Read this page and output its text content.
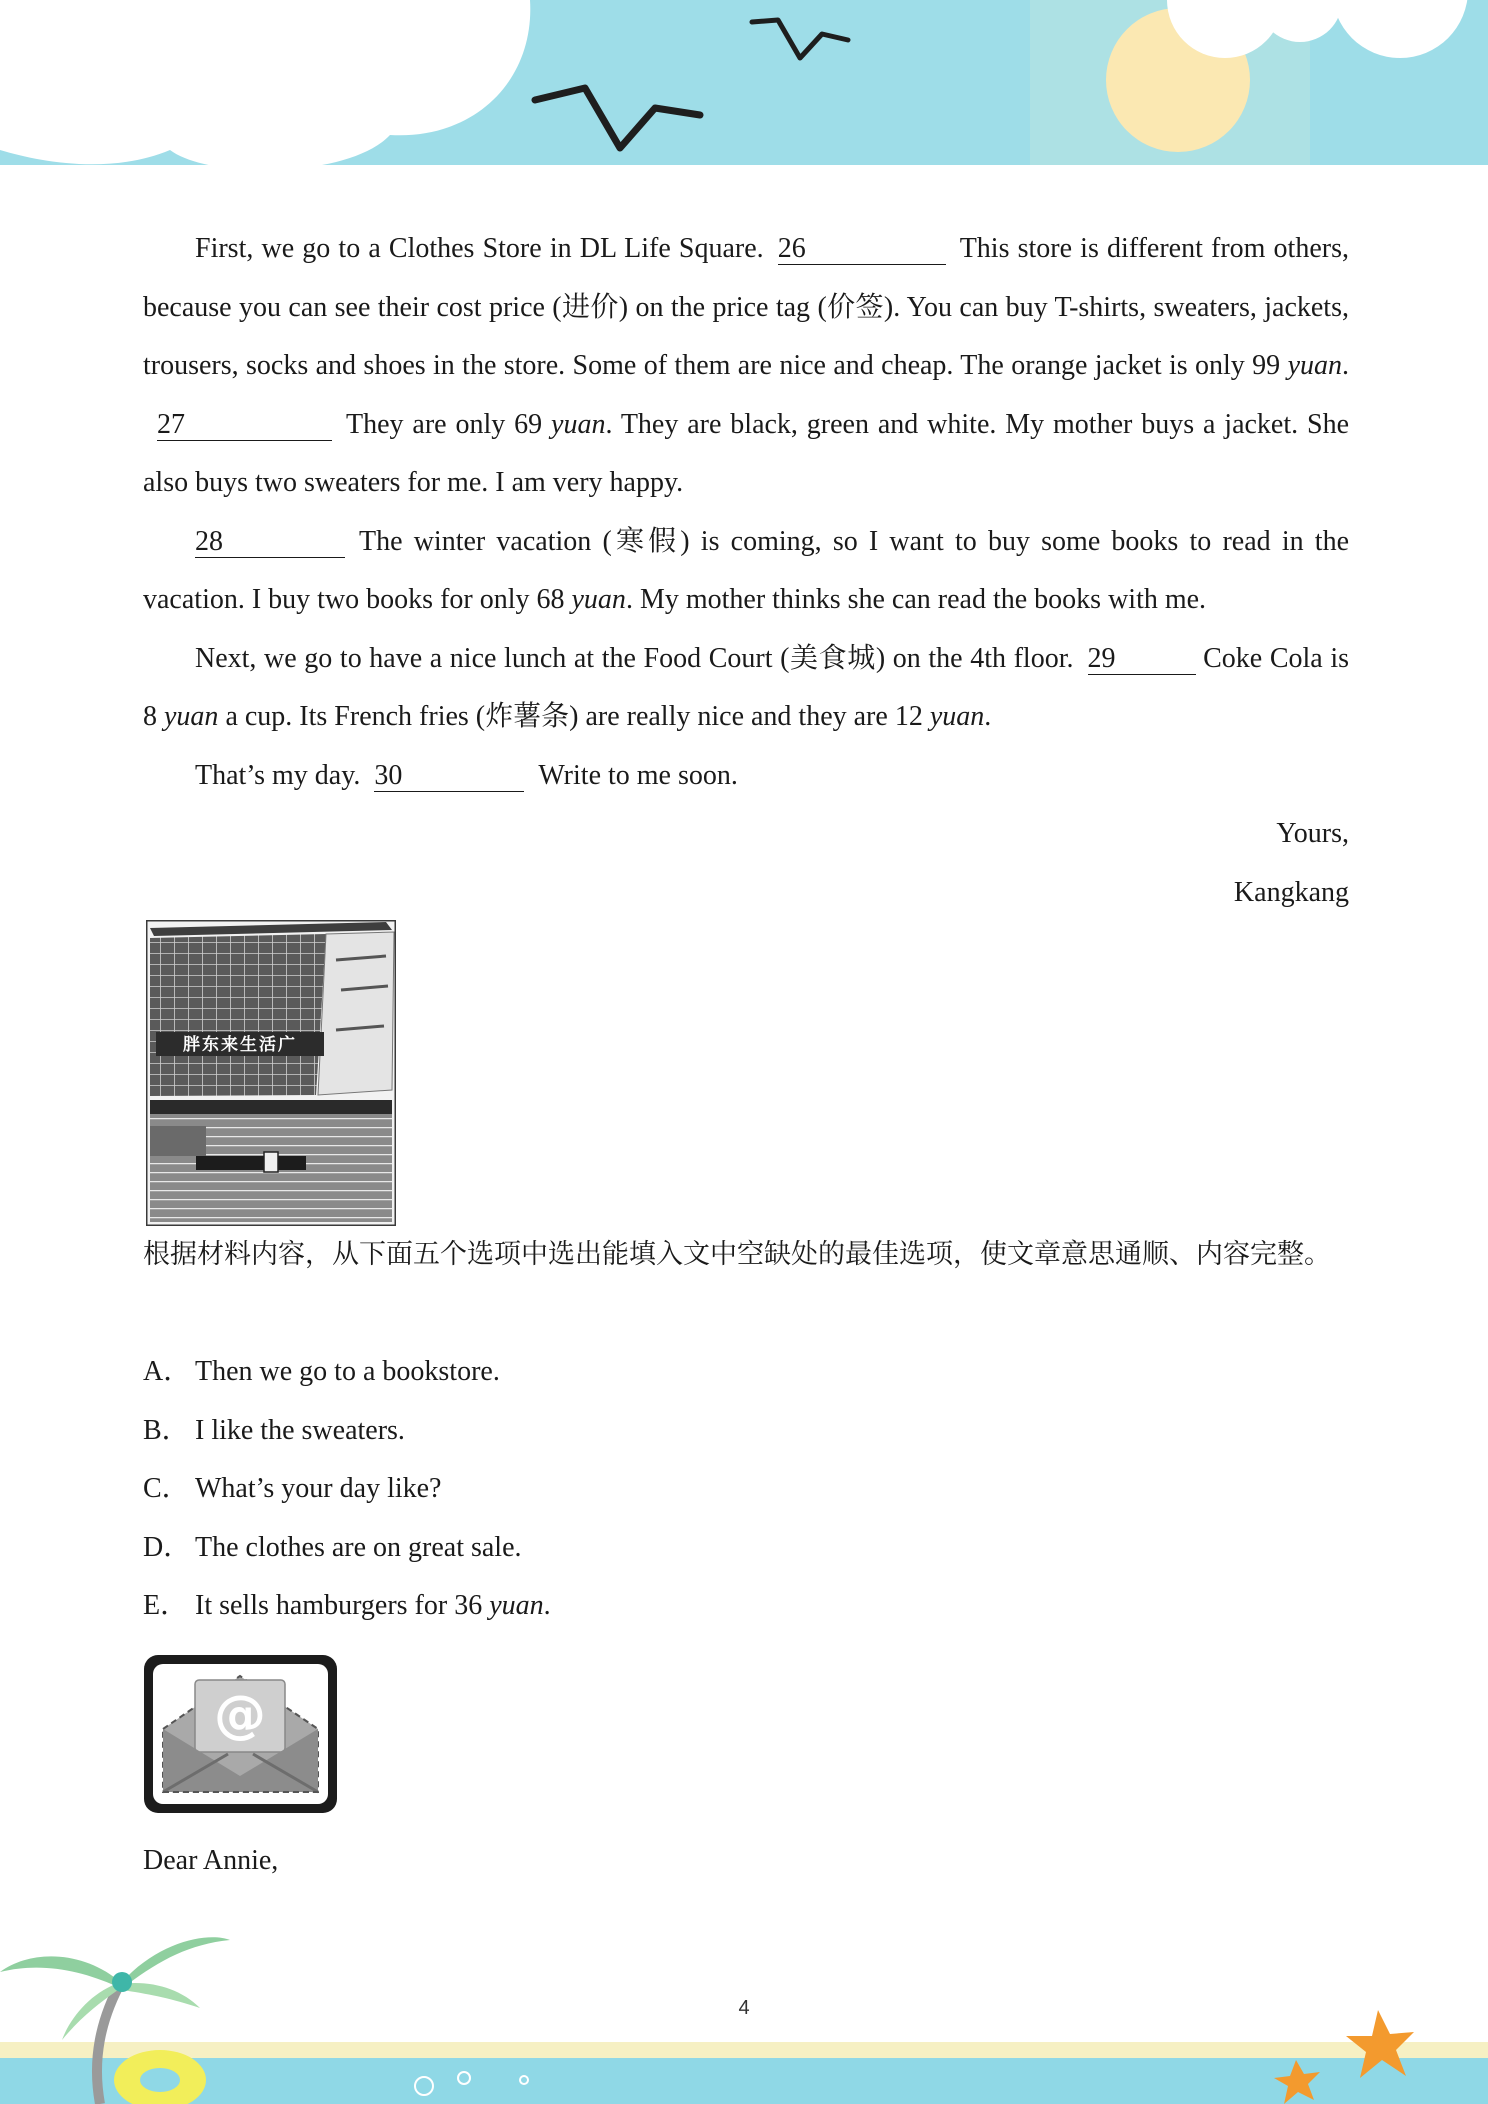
First, we go to a Clothes Store in DL Life Square. 26	This store is different from others, because you can see their cost price (进价) on the price tag (价签). You can buy T-shirts, sweaters, jackets, trousers, socks and shoes in the store. Some of them are nice and cheap. The orange jacket is only 99 yuan.27	They are only 69 yuan. They are black, green and white. My mother buys a jacket. She also buys two sweaters for me. I am very happy.

28	The winter vacation (寒假) is coming, so I want to buy some books to read in the vacation. I buy two books for only 68 yuan. My mother thinks she can read the books with me.

Next, we go to have a nice lunch at the Food Court (美食城) on the 4th floor. 29	Coke Cola is 8 yuan a cup. Its French fries (炸薯条) are really nice and they are 12 yuan.

That’s my day. 30	Write to me soon.

Yours,

Kangkang

胖东来生活广
根据材料内容，从下面五个选项中选出能填入文中空缺处的最佳选项，使文章意思通顺、内容完整。

A． Then we go to a bookstore.

B． I like the sweaters.

C． What’s your day like?

D． The clothes are on great sale.

E． It sells hamburgers for 36 yuan.

@
Dear Annie,
4
